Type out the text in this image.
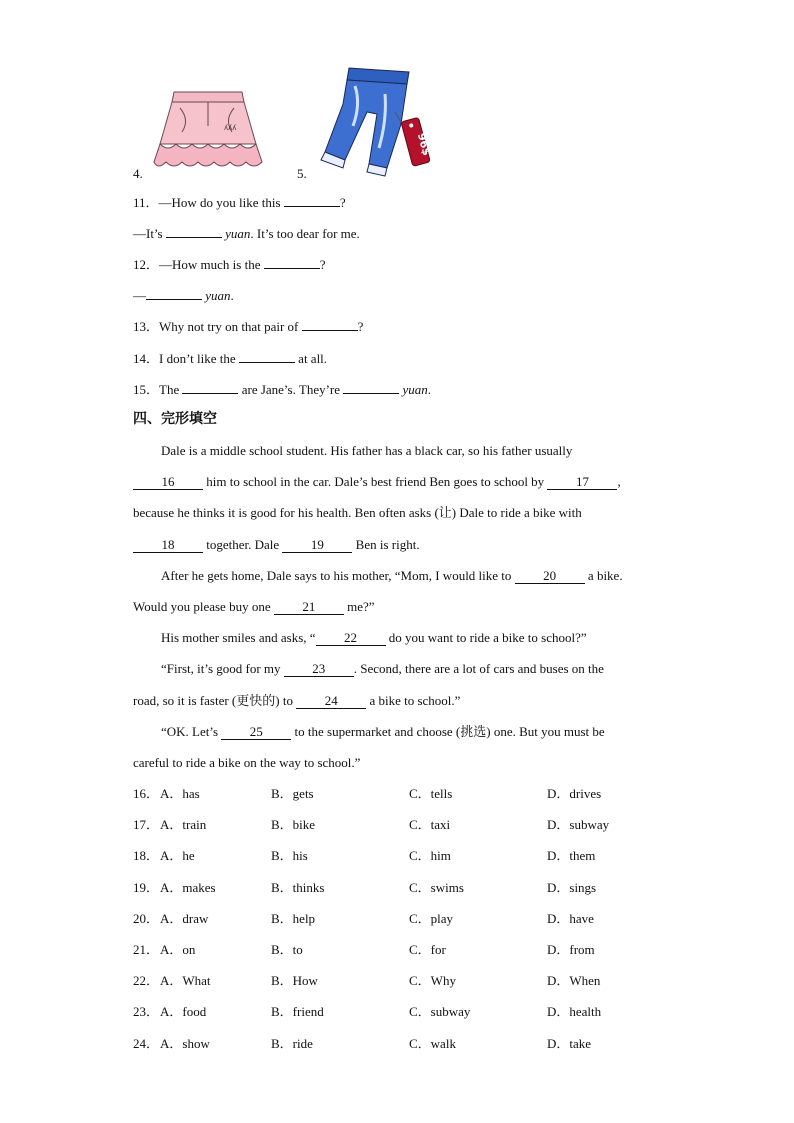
ʎʎʎ
4.
96$
5.
11．—How do you like this	?
—It’s	yuan. It’s too dear for me.
12．—How much is the	?
—	yuan.
13．Why not try on that pair of	?
14．I don’t like the	at all.
15．The	are Jane’s. They’re	yuan.
四、完形填空
Dale is a middle school student. His father has a black car, so his father usually
16 him to school in the car. Dale’s best friend Ben goes to school by 17 ,
because he thinks it is good for his health. Ben often asks (让) Dale to ride a bike with
18 together. Dale 19 Ben is right.
After he gets home, Dale says to his mother, “Mom, I would like to 20 a bike.
Would you please buy one 21 me?”
His mother smiles and asks, “ 22 do you want to ride a bike to school?”
“First, it’s good for my 23 . Second, there are a lot of cars and buses on the
road, so it is faster (更快的) to 24 a bike to school.”
“OK. Let’s 25 to the supermarket and choose (挑选) one. But you must be
careful to ride a bike on the way to school.”
16． A．has	B．gets	C．tells	D．drives
17． A．train	B．bike	C．taxi	D．subway
18． A．he	B．his	C．him	D．them
19． A．makes	B．thinks	C．swims	D．sings
20． A．draw	B．help	C．play	D．have
21． A．on	B．to	C．for	D．from
22． A．What	B．How	C．Why	D．When
23． A．food	B．friend	C．subway	D．health
24． A．show	B．ride	C．walk	D．take
